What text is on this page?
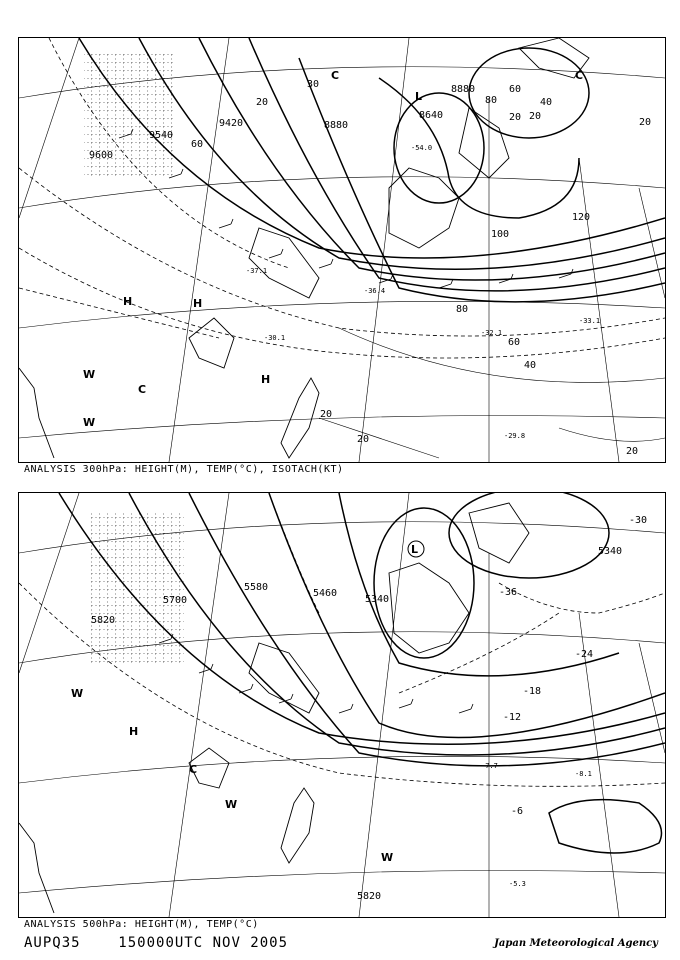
9600
9540
9420	8880
8640
8880
120
100
80
60
40
20
20
20
20
60
80
20
60
40
20
20
30
-54.0
-33.1
-32.1
-30.1
-36.4
-29.8
-37.1
H	H
H
W
W
C
C	C
L
ANALYSIS 300hPa: HEIGHT(M), TEMP(°C), ISOTACH(KT)
5820
5700
5580
5460
5340
5340
5820
-30
-36
-24
-18
-12
-6
-7.7
-8.1
-5.3
L
W
H
W
W
C
ANALYSIS 500hPa: HEIGHT(M), TEMP(°C)
AUPQ35	150000UTC NOV 2005	Japan Meteorological Agency
